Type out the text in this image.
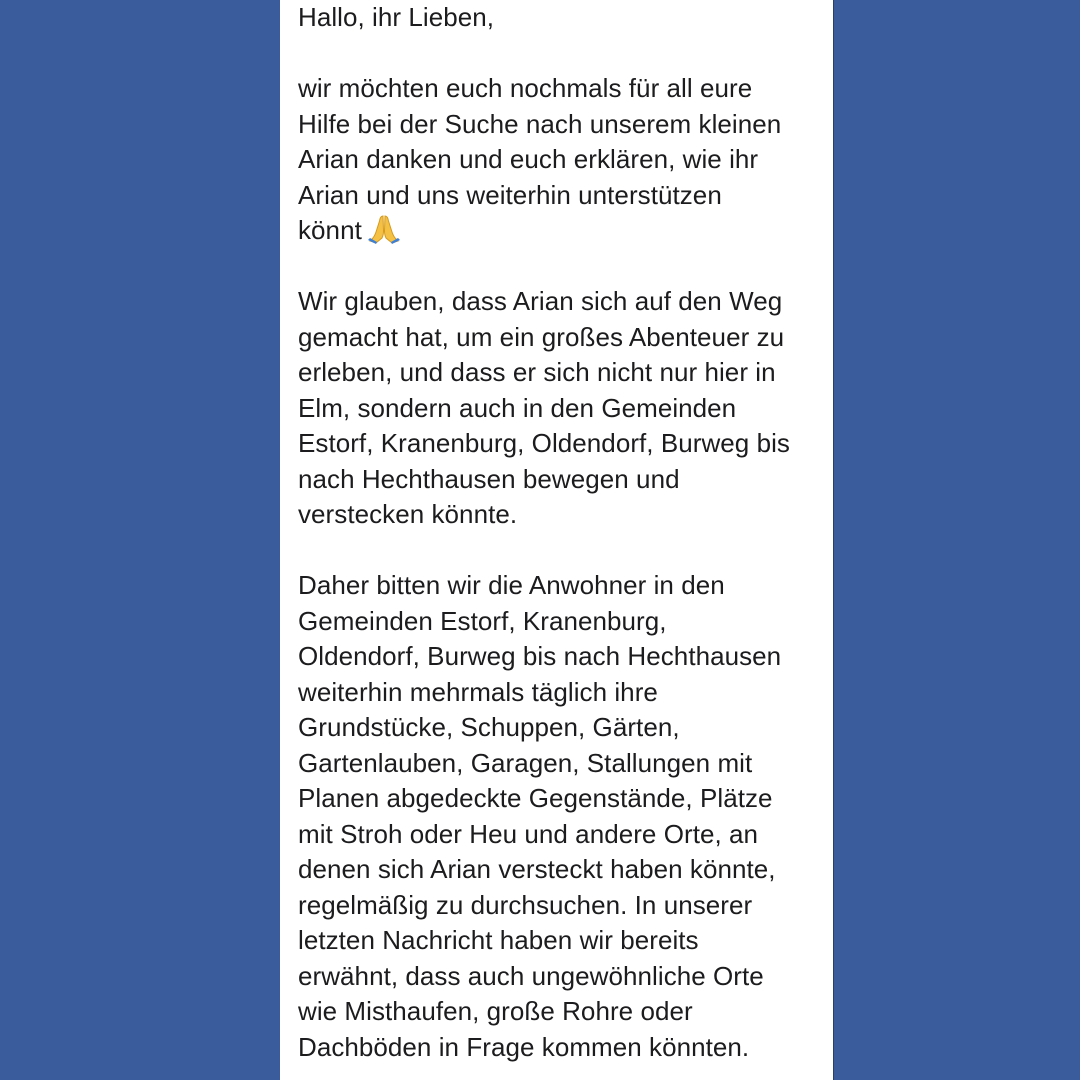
Hallo, ihr Lieben,
wir möchten euch nochmals für all eure
Hilfe bei der Suche nach unserem kleinen
Arian danken und euch erklären, wie ihr
Arian und uns weiterhin unterstützen
könnt
Wir glauben, dass Arian sich auf den Weg
gemacht hat, um ein großes Abenteuer zu
erleben, und dass er sich nicht nur hier in
Elm, sondern auch in den Gemeinden
Estorf, Kranenburg, Oldendorf, Burweg bis
nach Hechthausen bewegen und
verstecken könnte.
Daher bitten wir die Anwohner in den
Gemeinden Estorf, Kranenburg,
Oldendorf, Burweg bis nach Hechthausen
weiterhin mehrmals täglich ihre
Grundstücke, Schuppen, Gärten,
Gartenlauben, Garagen, Stallungen mit
Planen abgedeckte Gegenstände, Plätze
mit Stroh oder Heu und andere Orte, an
denen sich Arian versteckt haben könnte,
regelmäßig zu durchsuchen. In unserer
letzten Nachricht haben wir bereits
erwähnt, dass auch ungewöhnliche Orte
wie Misthaufen, große Rohre oder
Dachböden in Frage kommen könnten.
